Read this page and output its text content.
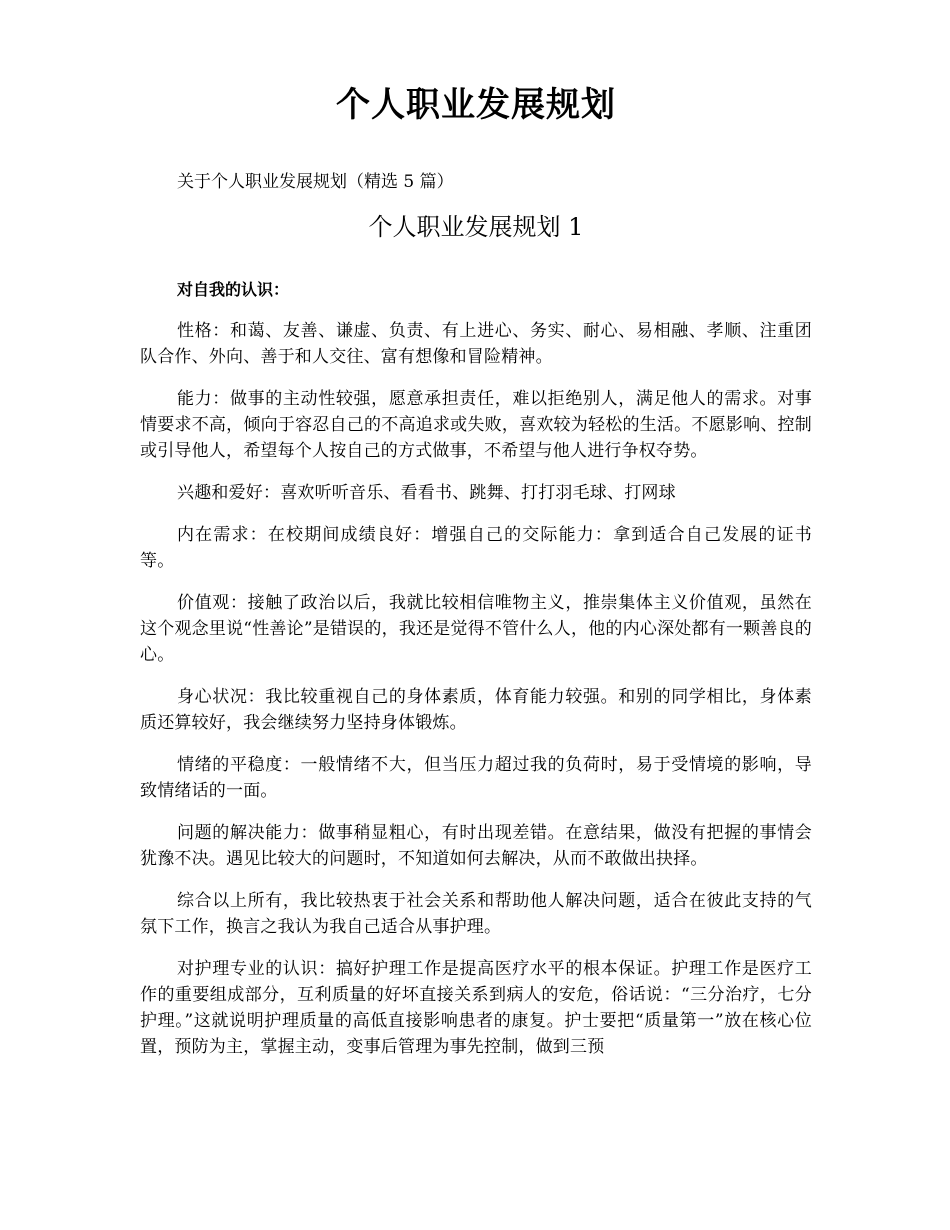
个人职业发展规划

关于个人职业发展规划（精选 5 篇）

个人职业发展规划 1

对自我的认识：

性格：和蔼、友善、谦虚、负责、有上进心、务实、耐心、易相融、孝顺、注重团队合作、外向、善于和人交往、富有想像和冒险精神。

能力：做事的主动性较强，愿意承担责任，难以拒绝别人，满足他人的需求。对事情要求不高，倾向于容忍自己的不高追求或失败，喜欢较为轻松的生活。不愿影响、控制或引导他人，希望每个人按自己的方式做事，不希望与他人进行争权夺势。

兴趣和爱好：喜欢听听音乐、看看书、跳舞、打打羽毛球、打网球

内在需求：在校期间成绩良好：增强自己的交际能力：拿到适合自己发展的证书等。

价值观：接触了政治以后，我就比较相信唯物主义，推崇集体主义价值观，虽然在这个观念里说“性善论”是错误的，我还是觉得不管什么人，他的内心深处都有一颗善良的心。

身心状况：我比较重视自己的身体素质，体育能力较强。和别的同学相比，身体素质还算较好，我会继续努力坚持身体锻炼。

情绪的平稳度：一般情绪不大，但当压力超过我的负荷时，易于受情境的影响，导致情绪话的一面。

问题的解决能力：做事稍显粗心，有时出现差错。在意结果，做没有把握的事情会犹豫不决。遇见比较大的问题时，不知道如何去解决，从而不敢做出抉择。

综合以上所有，我比较热衷于社会关系和帮助他人解决问题，适合在彼此支持的气氛下工作，换言之我认为我自己适合从事护理。

对护理专业的认识：搞好护理工作是提高医疗水平的根本保证。护理工作是医疗工作的重要组成部分，互利质量的好坏直接关系到病人的安危，俗话说：“三分治疗，七分护理。”这就说明护理质量的高低直接影响患者的康复。护士要把“质量第一”放在核心位置，预防为主，掌握主动，变事后管理为事先控制，做到三预
